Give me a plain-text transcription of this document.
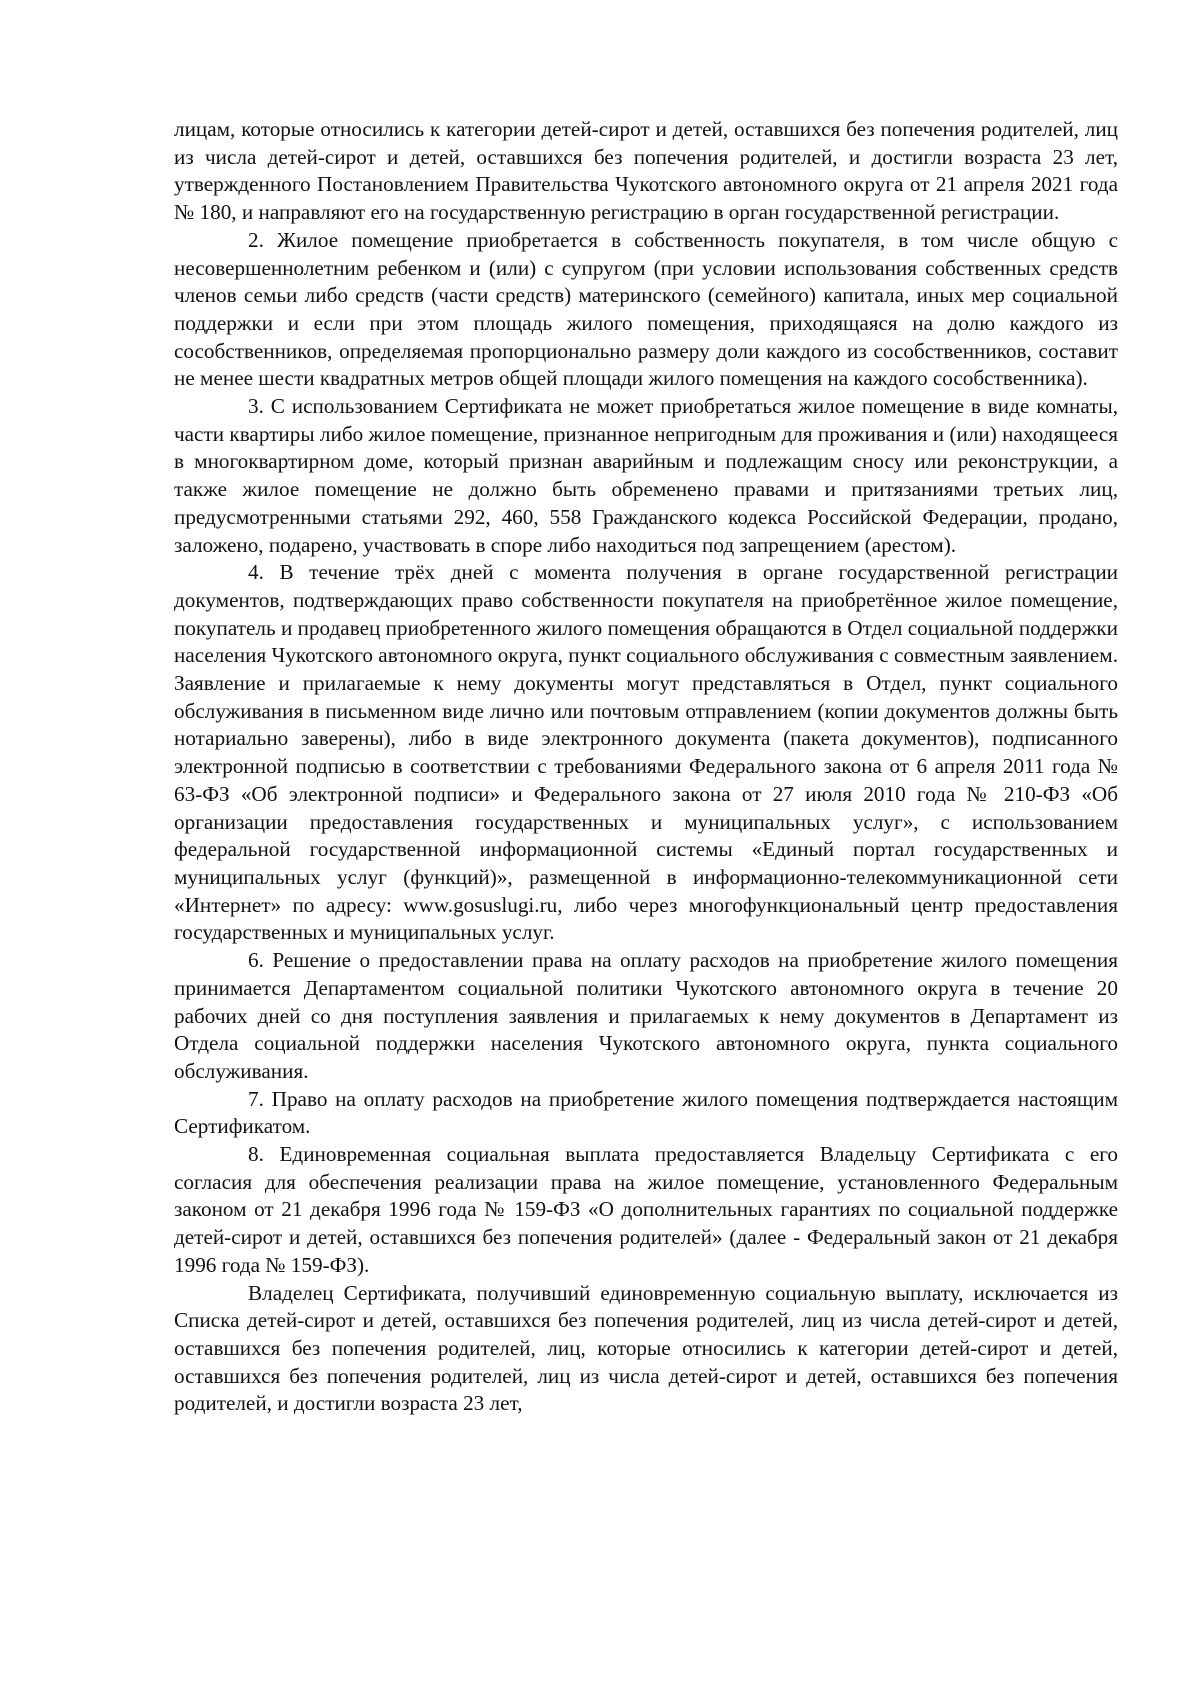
лицам, которые относились к категории детей-сирот и детей, оставшихся без попечения родителей, лиц из числа детей-сирот и детей, оставшихся без попечения родителей, и достигли возраста 23 лет, утвержденного Постановлением Правительства Чукотского автономного округа от 21 апреля 2021 года № 180, и направляют его на государственную регистрацию в орган государственной регистрации.

2. Жилое помещение приобретается в собственность покупателя, в том числе общую с несовершеннолетним ребенком и (или) с супругом (при условии использования собственных средств членов семьи либо средств (части средств) материнского (семейного) капитала, иных мер социальной поддержки и если при этом площадь жилого помещения, приходящаяся на долю каждого из сособственников, определяемая пропорционально размеру доли каждого из сособственников, составит не менее шести квадратных метров общей площади жилого помещения на каждого сособственника).

3. С использованием Сертификата не может приобретаться жилое помещение в виде комнаты, части квартиры либо жилое помещение, признанное непригодным для проживания и (или) находящееся в многоквартирном доме, который признан аварийным и подлежащим сносу или реконструкции, а также жилое помещение не должно быть обременено правами и притязаниями третьих лиц, предусмотренными статьями 292, 460, 558 Гражданского кодекса Российской Федерации, продано, заложено, подарено, участвовать в споре либо находиться под запрещением (арестом).

4. В течение трёх дней с момента получения в органе государственной регистрации документов, подтверждающих право собственности покупателя на приобретённое жилое помещение, покупатель и продавец приобретенного жилого помещения обращаются в Отдел социальной поддержки населения Чукотского автономного округа, пункт социального обслуживания с совместным заявлением. Заявление и прилагаемые к нему документы могут представляться в Отдел, пункт социального обслуживания в письменном виде лично или почтовым отправлением (копии документов должны быть нотариально заверены), либо в виде электронного документа (пакета документов), подписанного электронной подписью в соответствии с требованиями Федерального закона от 6 апреля 2011 года № 63-ФЗ «Об электронной подписи» и Федерального закона от 27 июля 2010 года № 210-ФЗ «Об организации предоставления государственных и муниципальных услуг», с использованием федеральной государственной информационной системы «Единый портал государственных и муниципальных услуг (функций)», размещенной в информационно-телекоммуникационной сети «Интернет» по адресу: www.gosuslugi.ru, либо через многофункциональный центр предоставления государственных и муниципальных услуг.

6. Решение о предоставлении права на оплату расходов на приобретение жилого помещения принимается Департаментом социальной политики Чукотского автономного округа в течение 20 рабочих дней со дня поступления заявления и прилагаемых к нему документов в Департамент из Отдела социальной поддержки населения Чукотского автономного округа, пункта социального обслуживания.

7. Право на оплату расходов на приобретение жилого помещения подтверждается настоящим Сертификатом.

8. Единовременная социальная выплата предоставляется Владельцу Сертификата с его согласия для обеспечения реализации права на жилое помещение, установленного Федеральным законом от 21 декабря 1996 года № 159-ФЗ «О дополнительных гарантиях по социальной поддержке детей-сирот и детей, оставшихся без попечения родителей» (далее - Федеральный закон от 21 декабря 1996 года № 159-ФЗ).

Владелец Сертификата, получивший единовременную социальную выплату, исключается из Списка детей-сирот и детей, оставшихся без попечения родителей, лиц из числа детей-сирот и детей, оставшихся без попечения родителей, лиц, которые относились к категории детей-сирот и детей, оставшихся без попечения родителей, лиц из числа детей-сирот и детей, оставшихся без попечения родителей, и достигли возраста 23 лет,
